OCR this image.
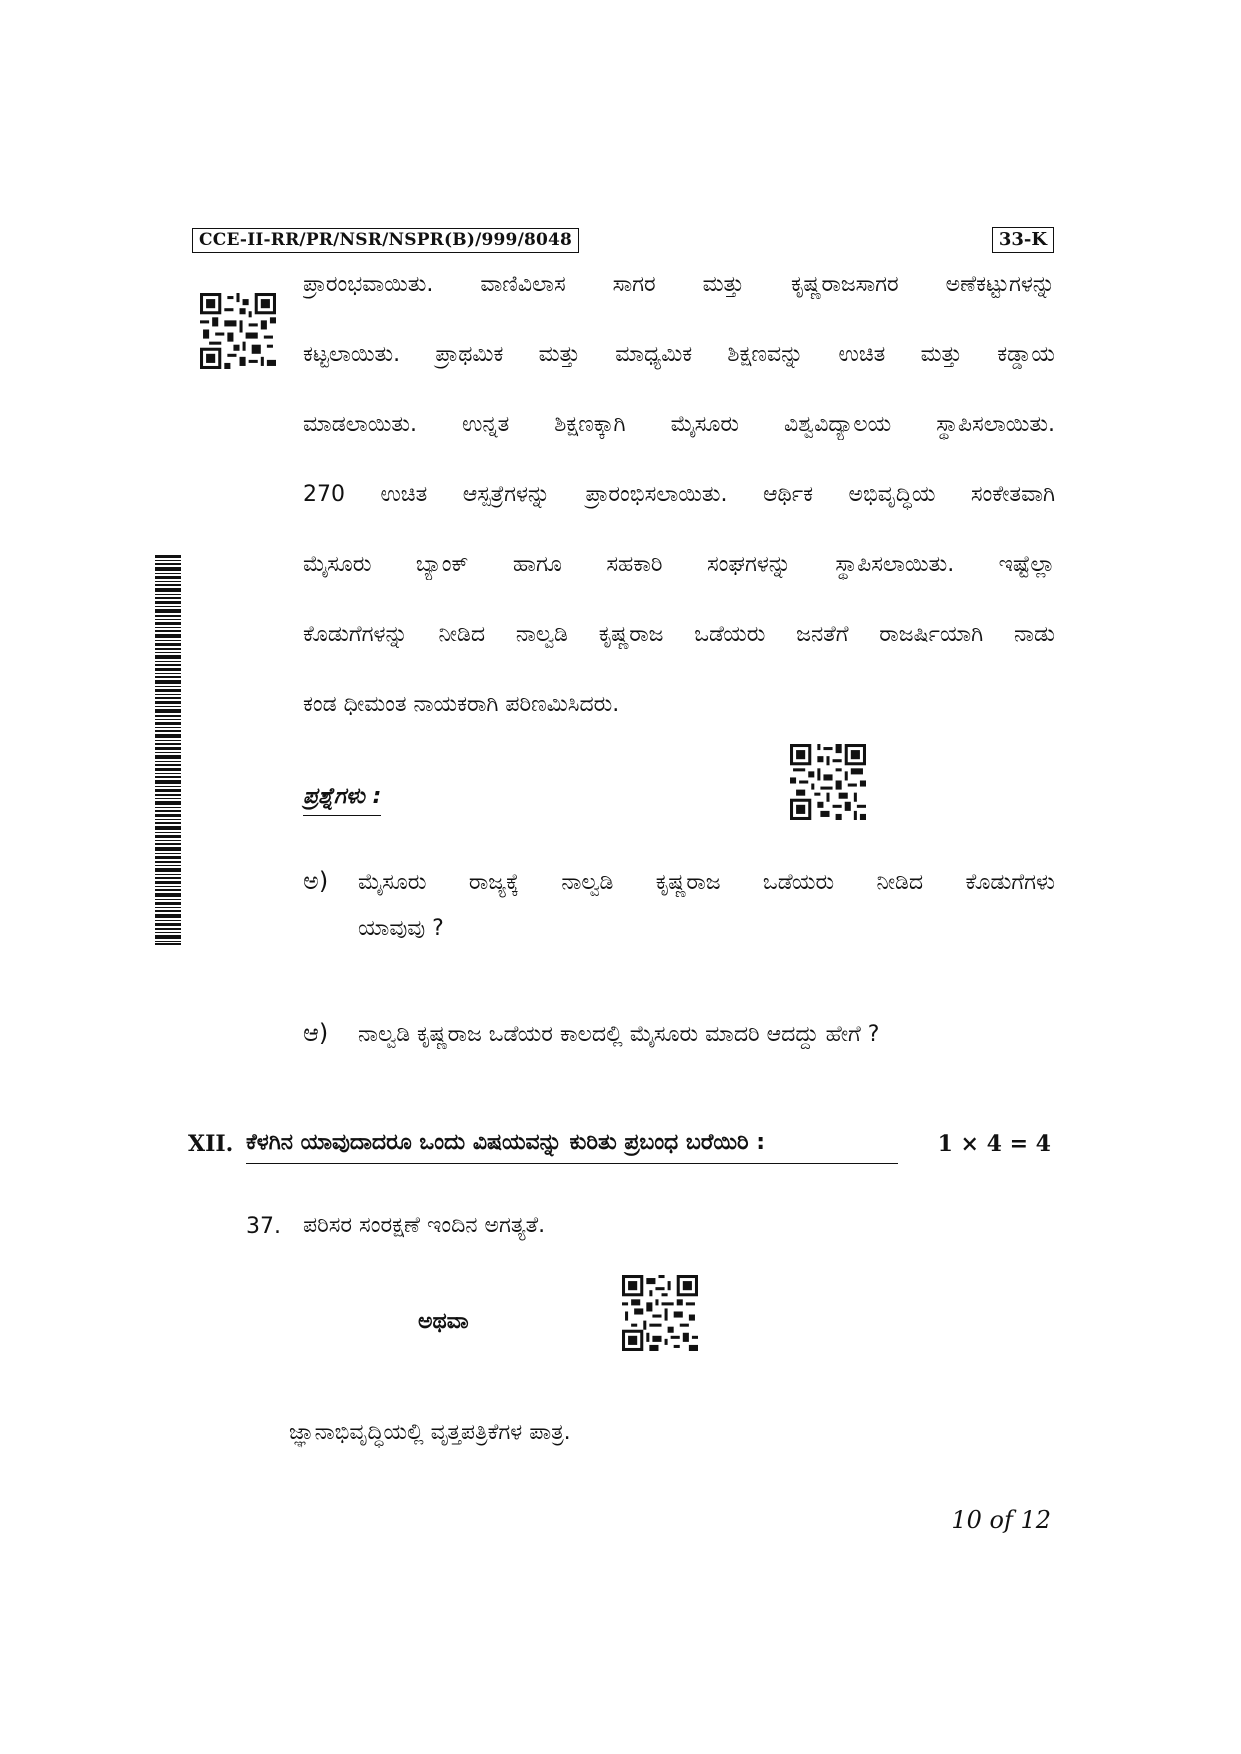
CCE-II-RR/PR/NSR/NSPR(B)/999/8048	33-K
ಪ್ರಾರಂಭವಾಯಿತು. ವಾಣಿವಿಲಾಸ ಸಾಗರ ಮತ್ತು ಕೃಷ್ಣರಾಜಸಾಗರ ಅಣೆಕಟ್ಟುಗಳನ್ನು
ಕಟ್ಟಲಾಯಿತು. ಪ್ರಾಥಮಿಕ ಮತ್ತು ಮಾಧ್ಯಮಿಕ ಶಿಕ್ಷಣವನ್ನು ಉಚಿತ ಮತ್ತು ಕಡ್ಡಾಯ
ಮಾಡಲಾಯಿತು. ಉನ್ನತ ಶಿಕ್ಷಣಕ್ಕಾಗಿ ಮೈಸೂರು ವಿಶ್ವವಿದ್ಯಾಲಯ ಸ್ಥಾಪಿಸಲಾಯಿತು.
270 ಉಚಿತ ಆಸ್ಪತ್ರೆಗಳನ್ನು ಪ್ರಾರಂಭಿಸಲಾಯಿತು. ಆರ್ಥಿಕ ಅಭಿವೃದ್ಧಿಯ ಸಂಕೇತವಾಗಿ
ಮೈಸೂರು ಬ್ಯಾಂಕ್ ಹಾಗೂ ಸಹಕಾರಿ ಸಂಘಗಳನ್ನು ಸ್ಥಾಪಿಸಲಾಯಿತು. ಇಷ್ಟೆಲ್ಲಾ
ಕೊಡುಗೆಗಳನ್ನು ನೀಡಿದ ನಾಲ್ವಡಿ ಕೃಷ್ಣರಾಜ ಒಡೆಯರು ಜನತೆಗೆ ರಾಜರ್ಷಿಯಾಗಿ ನಾಡು
ಕಂಡ ಧೀಮಂತ ನಾಯಕರಾಗಿ ಪರಿಣಮಿಸಿದರು.
ಪ್ರಶ್ನೆಗಳು :
ಅ) ಮೈಸೂರು ರಾಜ್ಯಕ್ಕೆ ನಾಲ್ವಡಿ ಕೃಷ್ಣರಾಜ ಒಡೆಯರು ನೀಡಿದ ಕೊಡುಗೆಗಳು
ಯಾವುವು ?
ಆ) ನಾಲ್ವಡಿ ಕೃಷ್ಣರಾಜ ಒಡೆಯರ ಕಾಲದಲ್ಲಿ ಮೈಸೂರು ಮಾದರಿ ಆದದ್ದು ಹೇಗೆ ?
XII. ಕೆಳಗಿನ ಯಾವುದಾದರೂ ಒಂದು ವಿಷಯವನ್ನು ಕುರಿತು ಪ್ರಬಂಧ ಬರೆಯಿರಿ :	1 × 4 = 4
37. ಪರಿಸರ ಸಂರಕ್ಷಣೆ ಇಂದಿನ ಅಗತ್ಯತೆ.
ಅಥವಾ
ಜ್ಞಾನಾಭಿವೃದ್ಧಿಯಲ್ಲಿ ವೃತ್ತಪತ್ರಿಕೆಗಳ ಪಾತ್ರ.
10 of 12
